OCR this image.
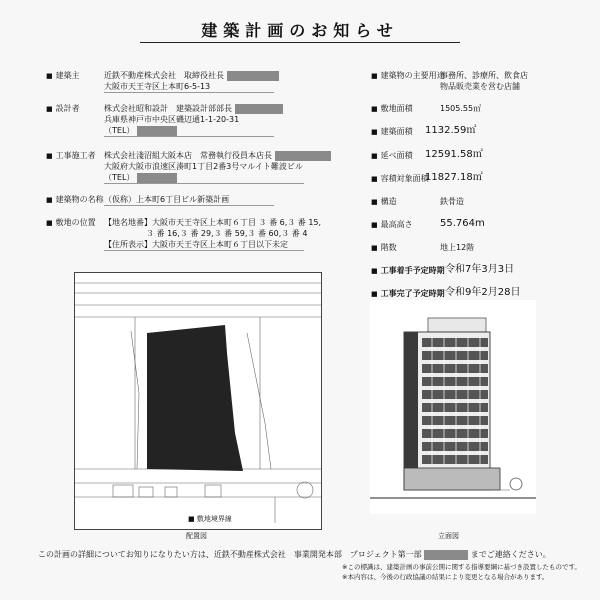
建築計画のお知らせ
■ 建築主	近鉄不動産株式会社　取締役社長
大阪市天王寺区上本町6-5-13
■ 設計者	株式会社昭和設計　建築設計部部長
兵庫県神戸市中央区磯辺通1-1-20-31
（TEL）
■ 工事施工者 株式会社淺沼組大阪本店　常務執行役員本店長
大阪府大阪市浪速区湊町1丁目2番3号マルイト難波ビル
（TEL）
■ 建築物の名称 （仮称）上本町6丁目ビル新築計画
■ 敷地の位置 【地名地番】大阪市天王寺区上本町６丁目 ３ 番 6,３ 番 15,
３ 番 16,３ 番 29,３ 番 59,３ 番 60,３ 番 4
【住所表示】大阪市天王寺区上本町６丁目以下未定
■ 建築物の主要用途
事務所、診療所、飲食店
物品販売業を営む店舗
■ 敷地面積	1505.55㎡
■ 建築面積 1132.59㎡
■ 延べ面積 12591.58㎡
■ 容積対象面積
11827.18㎡
■ 構造	鉄骨造
■ 最高高さ	55.764m
■ 階数	地上12階
■ 工事着手予定時期 令和7年3月3日
■ 工事完了予定時期 令和9年2月28日
■ 敷地境界線
配置図	立面図
この計画の詳細についてお知りになりたい方は、近鉄不動産株式会社　事業開発本部　プロジェクト第一部	までご連絡ください。
※この標識は、建築計画の事前公開に関する指導要綱に基づき設置したものです。
※本内容は、今後の行政協議の結果により変更となる場合があります。
